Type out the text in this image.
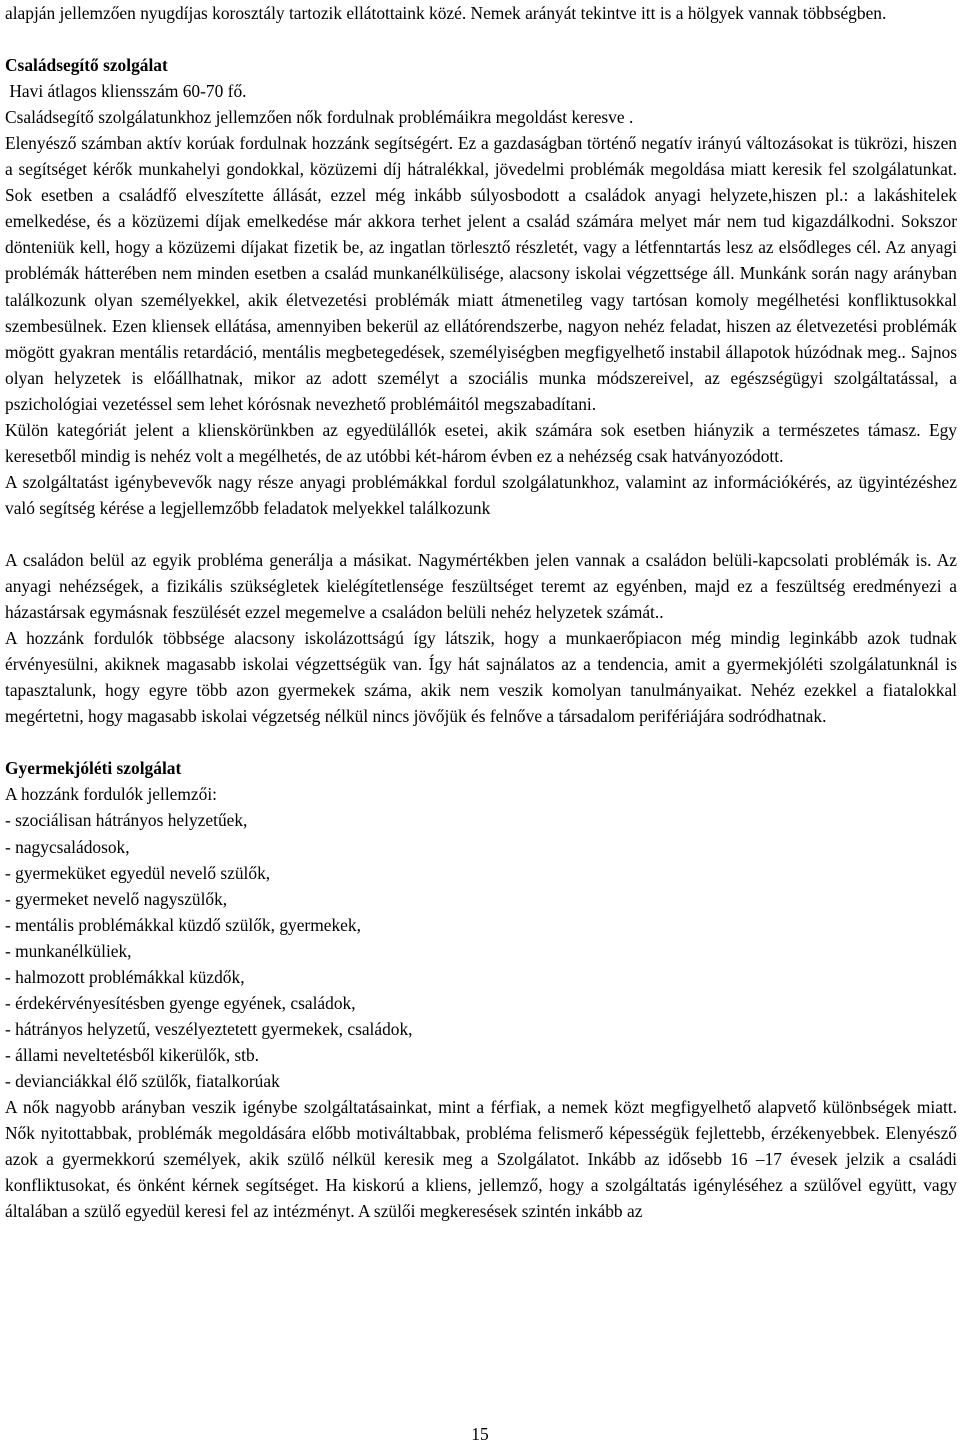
alapján jellemzően nyugdíjas korosztály tartozik ellátottaink közé. Nemek arányát tekintve itt is a hölgyek vannak többségben.

Családsegítő szolgálat

Havi átlagos kliensszám 60-70 fő.

Családsegítő szolgálatunkhoz jellemzően nők fordulnak problémáikra megoldást keresve .

Elenyésző számban aktív korúak fordulnak hozzánk segítségért. Ez a gazdaságban történő negatív irányú változásokat is tükrözi, hiszen a segítséget kérők munkahelyi gondokkal, közüzemi díj hátralékkal, jövedelmi problémák megoldása miatt keresik fel szolgálatunkat. Sok esetben a családfő elveszítette állását, ezzel még inkább súlyosbodott a családok anyagi helyzete,hiszen pl.: a lakáshitelek emelkedése, és a közüzemi díjak emelkedése már akkora terhet jelent a család számára melyet már nem tud kigazdálkodni. Sokszor dönteniük kell, hogy a közüzemi díjakat fizetik be, az ingatlan törlesztő részletét, vagy a létfenntartás lesz az elsődleges cél. Az anyagi problémák hátterében nem minden esetben a család munkanélkülisége, alacsony iskolai végzettsége áll. Munkánk során nagy arányban találkozunk olyan személyekkel, akik életvezetési problémák miatt átmenetileg vagy tartósan komoly megélhetési konfliktusokkal szembesülnek. Ezen kliensek ellátása, amennyiben bekerül az ellátórendszerbe, nagyon nehéz feladat, hiszen az életvezetési problémák mögött gyakran mentális retardáció, mentális megbetegedések, személyiségben megfigyelhető instabil állapotok húzódnak meg.. Sajnos olyan helyzetek is előállhatnak, mikor az adott személyt a szociális munka módszereivel, az egészségügyi szolgáltatással, a pszichológiai vezetéssel sem lehet kórósnak nevezhető problémáitól megszabadítani.

Külön kategóriát jelent a klienskörünkben az egyedülállók esetei, akik számára sok esetben hiányzik a természetes támasz. Egy keresetből mindig is nehéz volt a megélhetés, de az utóbbi két-három évben ez a nehézség csak hatványozódott.

A szolgáltatást igénybevevők nagy része anyagi problémákkal fordul szolgálatunkhoz, valamint az információkérés, az ügyintézéshez való segítség kérése a legjellemzőbb feladatok melyekkel találkozunk

A családon belül az egyik probléma generálja a másikat. Nagymértékben jelen vannak a családon belüli-kapcsolati problémák is. Az anyagi nehézségek, a fizikális szükségletek kielégítetlensége feszültséget teremt az egyénben, majd ez a feszültség eredményezi a házastársak egymásnak feszülését ezzel megemelve a családon belüli nehéz helyzetek számát..

A hozzánk fordulók többsége alacsony iskolázottságú így látszik, hogy a munkaerőpiacon még mindig leginkább azok tudnak érvényesülni, akiknek magasabb iskolai végzettségük van. Így hát sajnálatos az a tendencia, amit a gyermekjóléti szolgálatunknál is tapasztalunk, hogy egyre több azon gyermekek száma, akik nem veszik komolyan tanulmányaikat. Nehéz ezekkel a fiatalokkal megértetni, hogy magasabb iskolai végzetség nélkül nincs jövőjük és felnőve a társadalom perifériájára sodródhatnak.

Gyermekjóléti szolgálat

A hozzánk fordulók jellemzői:

- szociálisan hátrányos helyzetűek,
- nagycsaládosok,
- gyermeküket egyedül nevelő szülők,
- gyermeket nevelő nagyszülők,
- mentális problémákkal küzdő szülők, gyermekek,
- munkanélküliek,
- halmozott problémákkal küzdők,
- érdekérvényesítésben gyenge egyének, családok,
- hátrányos helyzetű, veszélyeztetett gyermekek, családok,
- állami neveltetésből kikerülők, stb.
- devianciákkal élő szülők, fiatalkorúak

A nők nagyobb arányban veszik igénybe szolgáltatásainkat, mint a férfiak, a nemek közt megfigyelhető alapvető különbségek miatt. Nők nyitottabbak, problémák megoldására előbb motiváltabbak, probléma felismerő képességük fejlettebb, érzékenyebbek. Elenyésző azok a gyermekkorú személyek, akik szülő nélkül keresik meg a Szolgálatot. Inkább az idősebb 16 –17 évesek jelzik a családi konfliktusokat, és önként kérnek segítséget. Ha kiskorú a kliens, jellemző, hogy a szolgáltatás igényléséhez a szülővel együtt, vagy általában a szülő egyedül keresi fel az intézményt. A szülői megkeresések szintén inkább az

15
